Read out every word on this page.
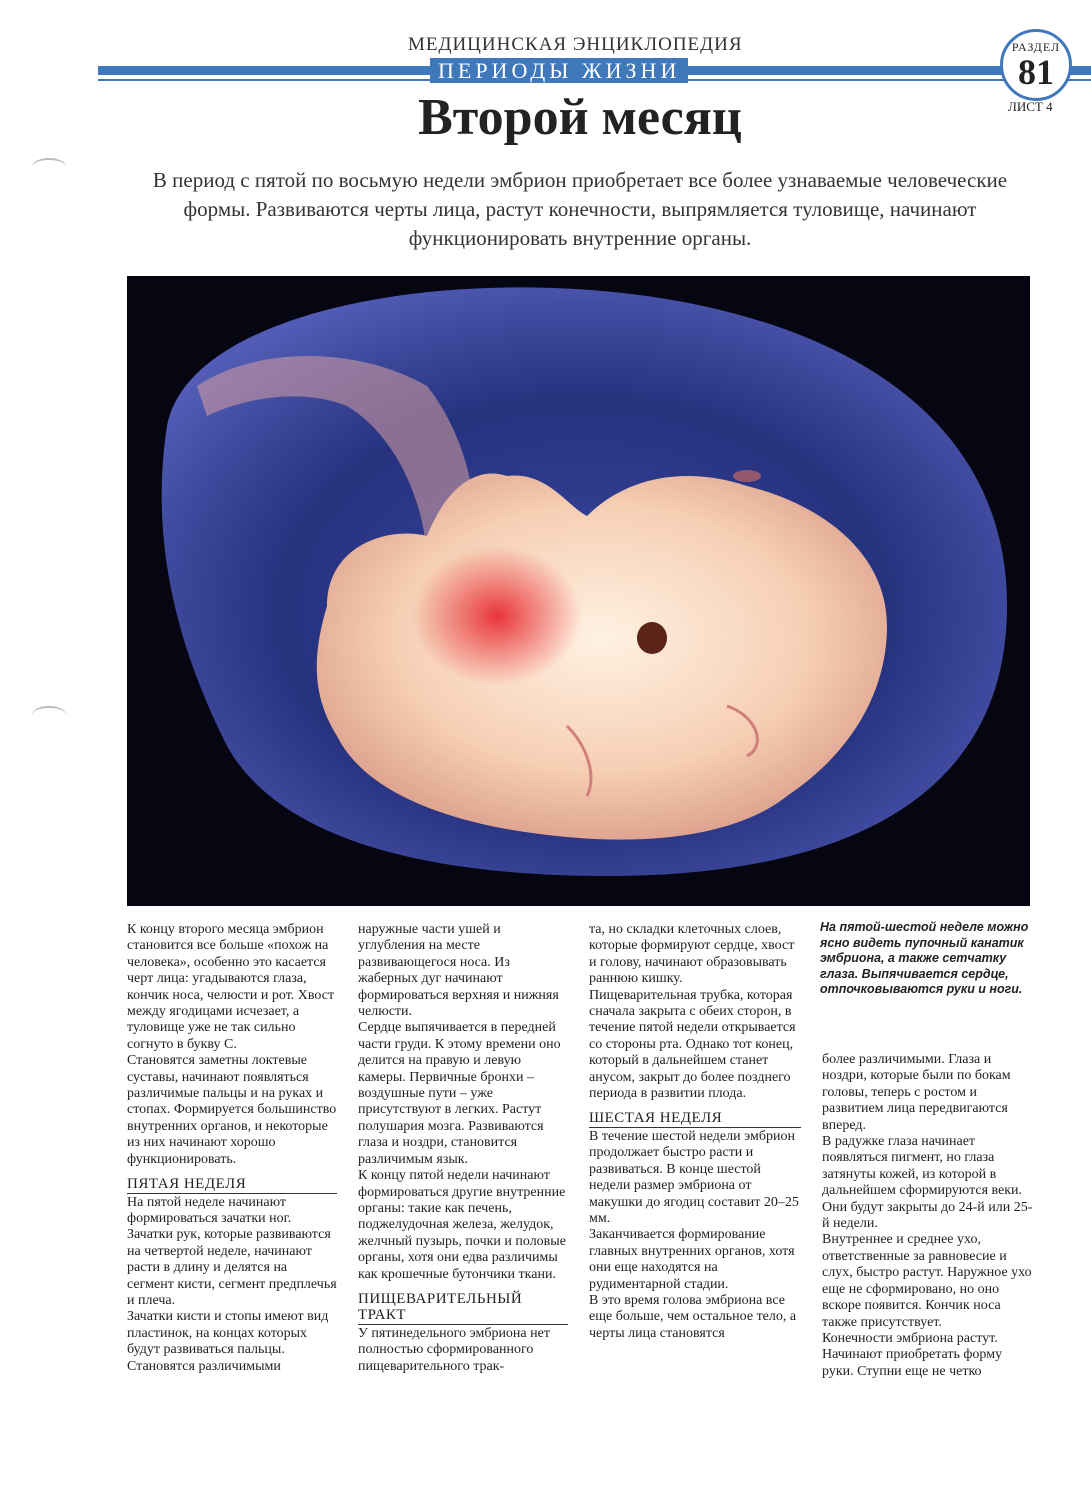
МЕДИЦИНСКАЯ ЭНЦИКЛОПЕДИЯ
ПЕРИОДЫ ЖИЗНИ
РАЗДЕЛ
81
ЛИСТ 4
Второй месяц
В период с пятой по восьмую недели эмбрион приобретает все более узнаваемые человеческие формы. Развиваются черты лица, растут конечности, выпрямляется туловище, начинают функционировать внутренние органы.

К концу второго месяца эмбрион становится все больше «похож на человека», особенно это касается черт лица: угадываются глаза, кончик носа, челюсти и рот. Хвост между ягодицами исчезает, а туловище уже не так сильно согнуто в букву С.

Становятся заметны локтевые суставы, начинают появляться различимые пальцы и на руках и стопах. Формируется большинство внутренних органов, и некоторые из них начинают хорошо функционировать.

ПЯТАЯ НЕДЕЛЯ

На пятой неделе начинают формироваться зачатки ног. Зачатки рук, которые развиваются на четвертой неделе, начинают расти в длину и делятся на сегмент кисти, сегмент предплечья и плеча.

Зачатки кисти и стопы имеют вид пластинок, на концах которых будут развиваться пальцы. Становятся различимыми

наружные части ушей и углубления на месте развивающегося носа. Из жаберных дуг начинают формироваться верхняя и нижняя челюсти.

Сердце выпячивается в передней части груди. К этому времени оно делится на правую и левую камеры. Первичные бронхи – воздушные пути – уже присутствуют в легких. Растут полушария мозга. Развиваются глаза и ноздри, становится различимым язык.

К концу пятой недели начинают формироваться другие внутренние органы: такие как печень, поджелудочная железа, желудок, желчный пузырь, почки и половые органы, хотя они едва различимы как крошечные бутончики ткани.

ПИЩЕВАРИТЕЛЬНЫЙ ТРАКТ

У пятинедельного эмбриона нет полностью сформированного пищеварительного трак-

та, но складки клеточных слоев, которые формируют сердце, хвост и голову, начинают образовывать раннюю кишку.

Пищеварительная трубка, которая сначала закрыта с обеих сторон, в течение пятой недели открывается со стороны рта. Однако тот конец, который в дальнейшем станет анусом, закрыт до более позднего периода в развитии плода.

ШЕСТАЯ НЕДЕЛЯ

В течение шестой недели эмбрион продолжает быстро расти и развиваться. В конце шестой недели размер эмбриона от макушки до ягодиц составит 20–25 мм.

Заканчивается формирование главных внутренних органов, хотя они еще находятся на рудиментарной стадии.

В это время голова эмбриона все еще больше, чем остальное тело, а черты лица становятся

На пятой-шестой неделе можно ясно видеть пупочный канатик эмбриона, а также сетчатку глаза. Выпячивается сердце, отпочковываются руки и ноги.

более различимыми. Глаза и ноздри, которые были по бокам головы, теперь с ростом и развитием лица передвигаются вперед.

В радужке глаза начинает появляться пигмент, но глаза затянуты кожей, из которой в дальнейшем сформируются веки. Они будут закрыты до 24-й или 25-й недели.

Внутреннее и среднее ухо, ответственные за равновесие и слух, быстро растут. Наружное ухо еще не сформировано, но оно вскоре появится. Кончик носа также присутствует.

Конечности эмбриона растут. Начинают приобретать форму руки. Ступни еще не четко
